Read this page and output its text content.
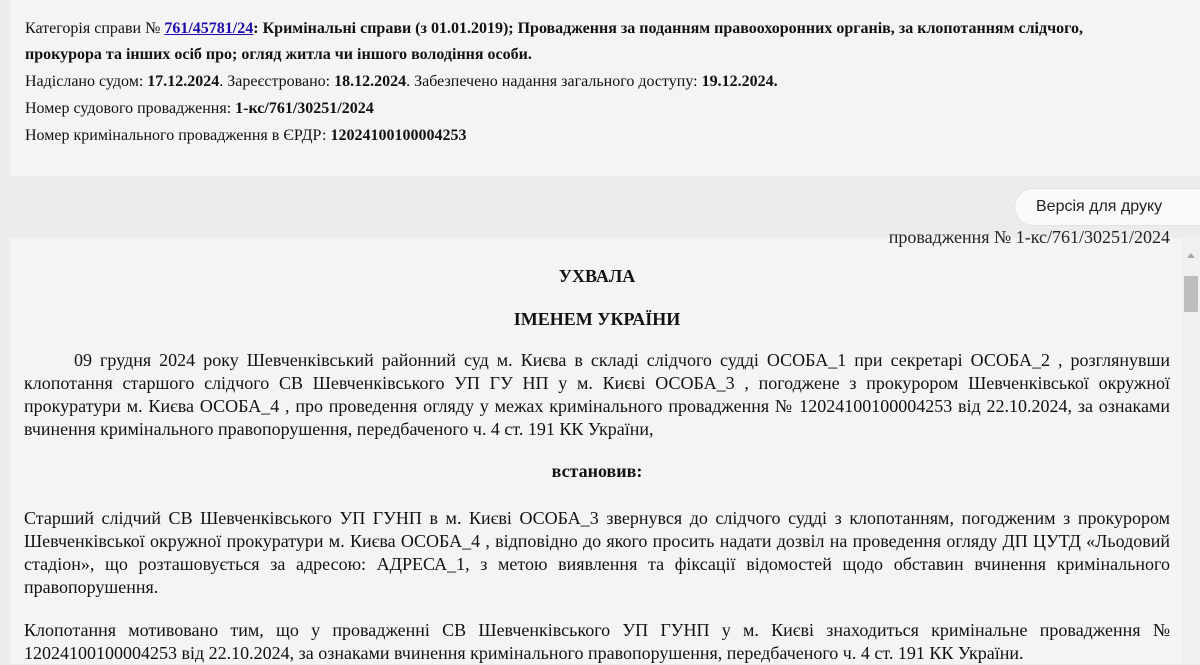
Категорія справи № 761/45781/24: Кримінальні справи (з 01.01.2019); Провадження за поданням правоохоронних органів, за клопотанням слідчого,
прокурора та інших осіб про; огляд житла чи іншого володіння особи.

Надіслано судом: 17.12.2024. Зареєстровано: 18.12.2024. Забезпечено надання загального доступу: 19.12.2024.

Номер судового провадження: 1-кс/761/30251/2024

Номер кримінального провадження в ЄРДР: 12024100100004253

Версія для друку
провадження № 1-кс/761/30251/2024

УХВАЛА

ІМЕНЕМ УКРАЇНИ

09 грудня 2024 року Шевченківський районний суд м. Києва в складі слідчого судді ОСОБА_1 при секретарі ОСОБА_2 , розглянувши клопотання старшого слідчого СВ Шевченківського УП ГУ НП у м. Києві ОСОБА_3 , погоджене з прокурором Шевченківської окружної прокуратури м. Києва ОСОБА_4 , про проведення огляду у межах кримінального провадження № 12024100100004253 від 22.10.2024, за ознаками вчинення кримінального правопорушення, передбаченого ч. 4 ст. 191 КК України,

встановив:

Старший слідчий СВ Шевченківського УП ГУНП в м. Києві ОСОБА_3 звернувся до слідчого судді з клопотанням, погодженим з прокурором Шевченківської окружної прокуратури м. Києва ОСОБА_4 , відповідно до якого просить надати дозвіл на проведення огляду ДП ЦУТД «Льодовий стадіон», що розташовується за адресою: АДРЕСА_1, з метою виявлення та фіксації відомостей щодо обставин вчинення кримінального правопорушення.

Клопотання мотивовано тим, що у провадженні СВ Шевченківського УП ГУНП у м. Києві знаходиться кримінальне провадження № 12024100100004253 від 22.10.2024, за ознаками вчинення кримінального правопорушення, передбаченого ч. 4 ст. 191 КК України.
